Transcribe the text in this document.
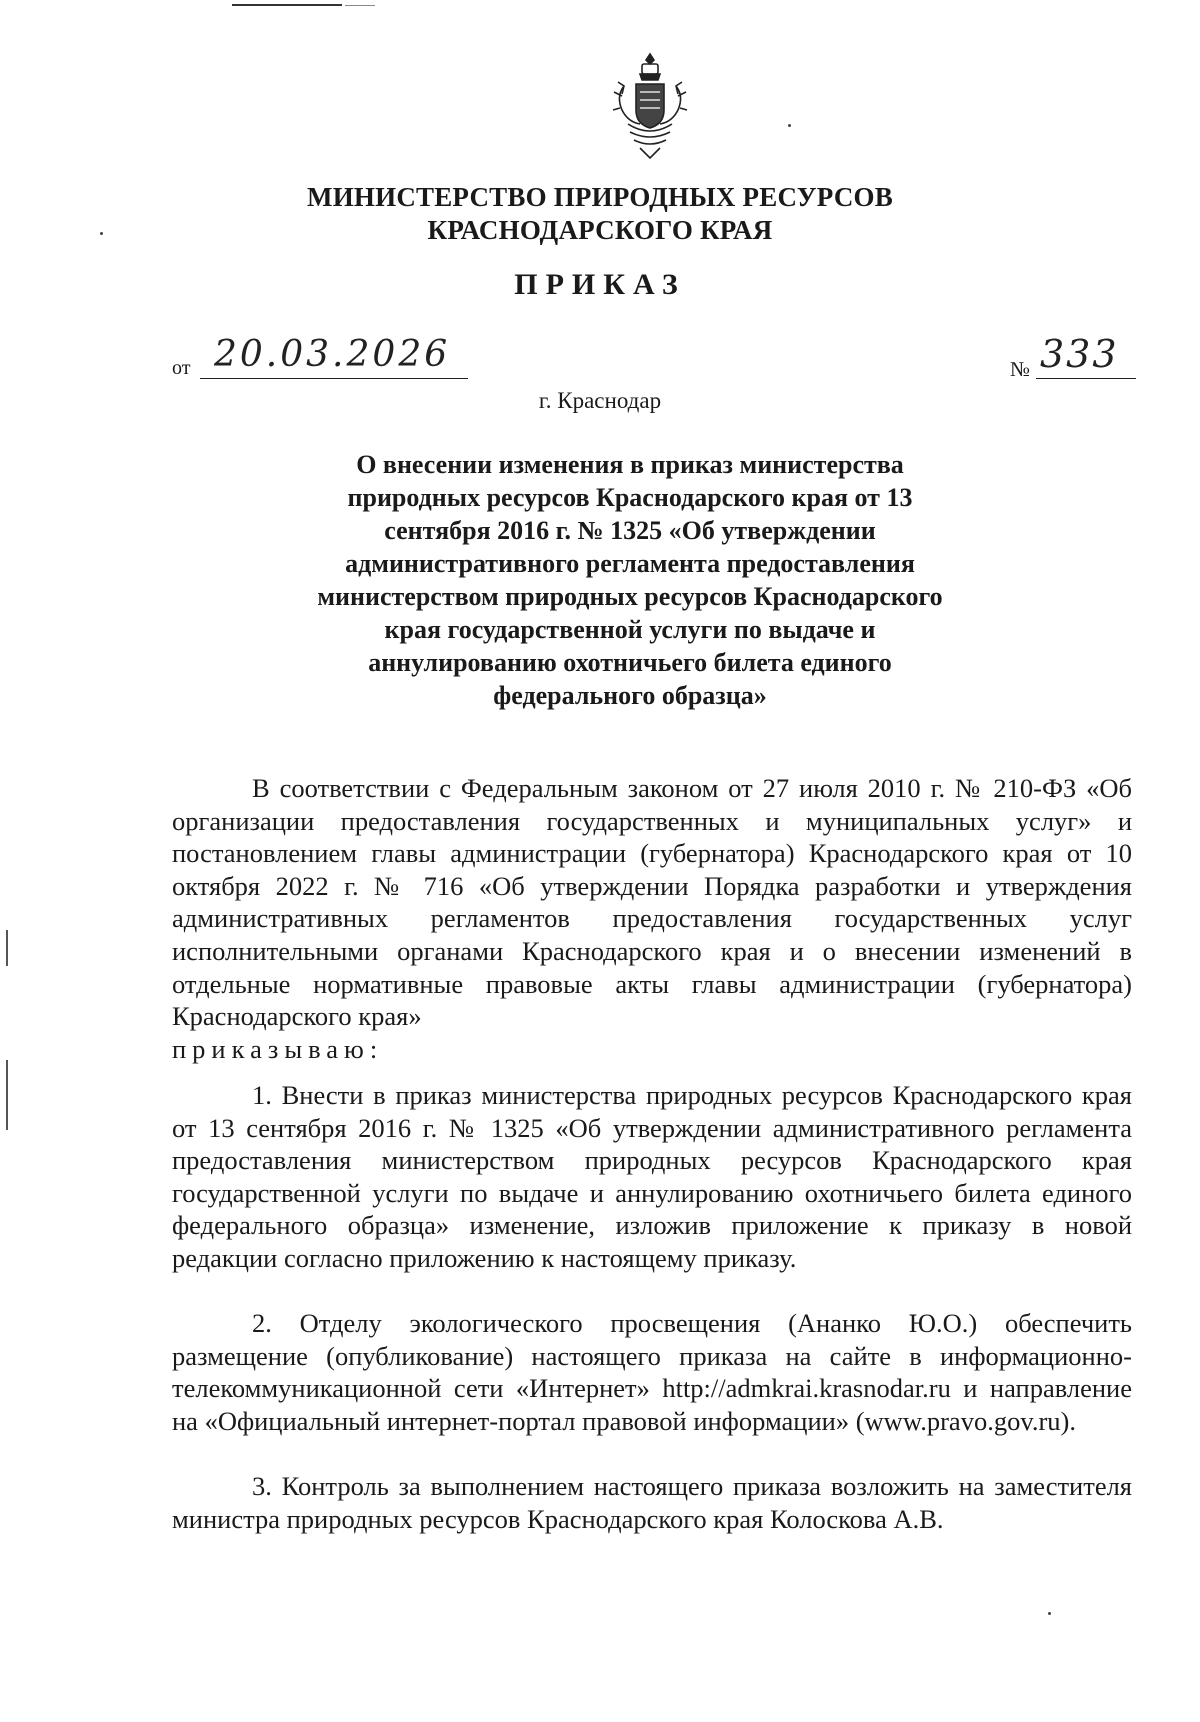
МИНИСТЕРСТВО ПРИРОДНЫХ РЕСУРСОВ
КРАСНОДАРСКОГО КРАЯ
ПРИКАЗ
от 20.03.2026	№ 333
г. Краснодар
О внесении изменения в приказ министерства природных ресурсов Краснодарского края от 13 сентября 2016 г. № 1325 «Об утверждении административного регламента предоставления министерством природных ресурсов Краснодарского края государственной услуги по выдаче и аннулированию охотничьего билета единого федерального образца»

В соответствии с Федеральным законом от 27 июля 2010 г. № 210-ФЗ «Об организации предоставления государственных и муниципальных услуг» и постановлением главы администрации (губернатора) Краснодарского края от 10 октября 2022 г. № 716 «Об утверждении Порядка разработки и утверждения административных регламентов предоставления государственных услуг исполнительными органами Краснодарского края и о внесении изменений в отдельные нормативные правовые акты главы администрации (губернатора) Краснодарского края»
приказываю:

1. Внести в приказ министерства природных ресурсов Краснодарского края от 13 сентября 2016 г. № 1325 «Об утверждении административного регламента предоставления министерством природных ресурсов Краснодарского края государственной услуги по выдаче и аннулированию охотничьего билета единого федерального образца» изменение, изложив приложение к приказу в новой редакции согласно приложению к настоящему приказу.

2. Отделу экологического просвещения (Ананко Ю.О.) обеспечить размещение (опубликование) настоящего приказа на сайте в информационно-телекоммуникационной сети «Интернет» http://admkrai.krasnodar.ru и направление на «Официальный интернет-портал правовой информации» (www.pravo.gov.ru).

3. Контроль за выполнением настоящего приказа возложить на заместителя министра природных ресурсов Краснодарского края Колоскова А.В.
